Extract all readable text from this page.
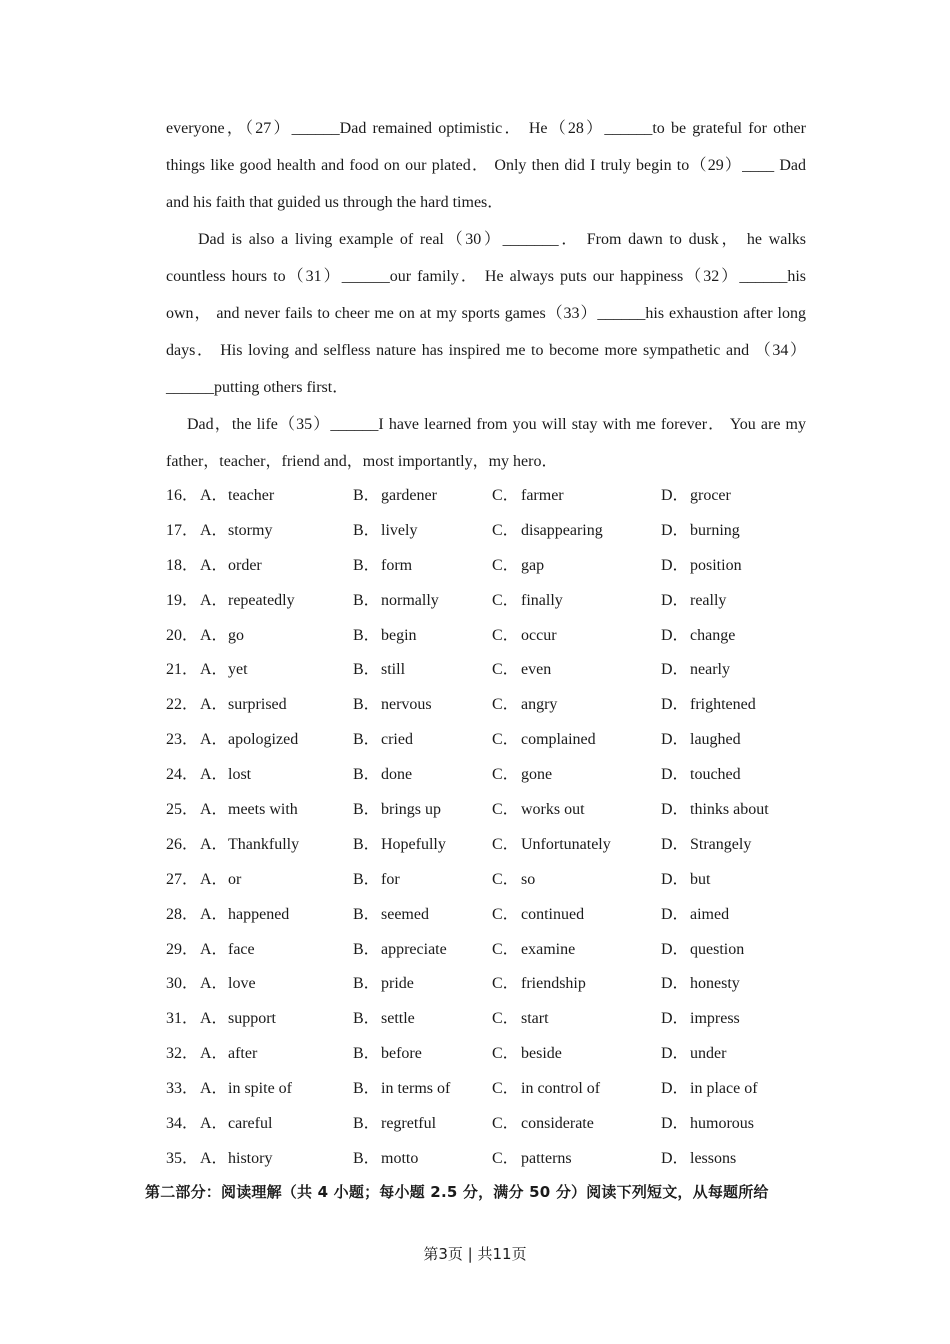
everyone，（27）______Dad remained optimistic． He（28）______to be grateful for other things like good health and food on our plated． Only then did I truly begin to（29）____ Dad and his faith that guided us through the hard times．

Dad is also a living example of real（30）_______． From dawn to dusk， he walks countless hours to（31）______our family． He always puts our happiness（32）______his own， and never fails to cheer me on at my sports games（33）______his exhaustion after long days． His loving and selfless nature has inspired me to become more sympathetic and （34）______putting others first．

Dad，the life（35）______I have learned from you will stay with me forever． You are my father，teacher，friend and，most importantly，my hero．

16． A． teacher	B． gardener	C． farmer	D． grocer
17． A． stormy	B． lively	C． disappearing	D． burning
18． A． order	B． form	C． gap	D． position
19． A． repeatedly	B． normally	C． finally	D． really
20． A． go	B． begin	C． occur	D． change
21． A． yet	B． still	C． even	D． nearly
22． A． surprised	B． nervous	C． angry	D． frightened
23． A． apologized	B． cried	C． complained	D． laughed
24． A． lost	B． done	C． gone	D． touched
25． A． meets with	B． brings up	C． works out	D． thinks about
26． A． Thankfully	B． Hopefully	C． Unfortunately	D． Strangely
27． A． or	B． for	C． so	D． but
28． A． happened	B． seemed	C． continued	D． aimed
29． A． face	B． appreciate	C． examine	D． question
30． A． love	B． pride	C． friendship	D． honesty
31． A． support	B． settle	C． start	D． impress
32． A． after	B． before	C． beside	D． under
33． A． in spite of	B． in terms of	C． in control of	D． in place of
34． A． careful	B． regretful	C． considerate	D． humorous
35． A． history	B． motto	C． patterns	D． lessons
第二部分：阅读理解（共 4 小题；每小题 2.5 分，满分 50 分）阅读下列短文，从每题所给
第3页 | 共11页
